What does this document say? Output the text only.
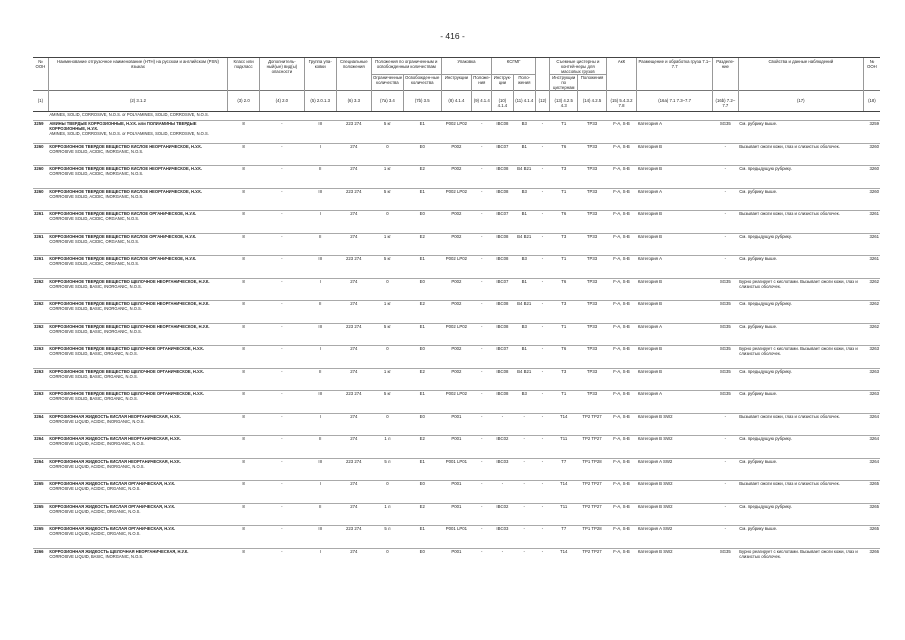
- 416 -
№ ООН	Наименование отгрузочное наименование (НТН) на русском и английском (PSN) языках	Класс или подкласс	Дополнитель-ный(ые) вид(ы) опасности	Группа упа-ковки	Специальные положения	Положения по ограниченным и освобожденным количествам		Упаковка		КСГМГ			Съемные цистерны и контей-неры для массовых грузов		АкК	Размещение и обработка груза 7.1–7.7	Разделе-ние	Свойства и данные наблюдений	№ ООН
						Ограниченные количества	Освобожден-ные количества	Инструкции	Положе-ния	Инструк-ции	Поло-жения		Инструкции по цистернам	Положения					
(1)	(2) 3.1.2	(3) 2.0	(4) 2.0	(5) 2.0.1.3	(6) 3.3	(7a) 3.4	(7b) 3.5	(8) 4.1.4	(9) 4.1.4	(10) 4.1.4	(11) 4.1.4	(12)	(13) 4.2.5 4.3	(14) 4.2.5	(15) 5.4.3.2 7.8	(16a) 7.1 7.3–7.7	(16b) 7.2–7.7	(17)	(18)
	AMINES, SOLID, CORROSIVE, N.O.S. or POLYAMINES, SOLID, CORROSIVE, N.O.S.																		
3259	АМИНЫ ТВЕРДЫЕ КОРРОЗИОННЫЕ, Н.У.К. или ПОЛИАМИНЫ ТВЕРДЫЕ КОРРОЗИОННЫЕ, Н.У.К.
AMINES, SOLID, CORROSIVE, N.O.S. or POLYAMINES, SOLID, CORROSIVE, N.O.S.	8	-	III	223 274	5 кг	E1	P002 LP02	-	IBC08	B3	-	T1	TP33	F-A, S-B	Категория A	SG35	См. рубрику выше.	3259
3260	КОРРОЗИОННОЕ ТВЕРДОЕ ВЕЩЕСТВО КИСЛОЕ НЕОРГАНИЧЕСКОЕ, Н.У.К.
CORROSIVE SOLID, ACIDIC, INORGANIC, N.O.S.	8	-	I	274	0	E0	P002	-	IBC07	B1	-	T6	TP33	F-A, S-B	Категория B	-	Вызывает ожоги кожи, глаз и слизистых оболочек.	3260
3260	КОРРОЗИОННОЕ ТВЕРДОЕ ВЕЩЕСТВО КИСЛОЕ НЕОРГАНИЧЕСКОЕ, Н.У.К.
CORROSIVE SOLID, ACIDIC, INORGANIC, N.O.S.	8	-	II	274	1 кг	E2	P002	-	IBC08	B4 B21	-	T3	TP33	F-A, S-B	Категория B	-	См. предыдущую рубрику.	3260
3260	КОРРОЗИОННОЕ ТВЕРДОЕ ВЕЩЕСТВО КИСЛОЕ НЕОРГАНИЧЕСКОЕ, Н.У.К.
CORROSIVE SOLID, ACIDIC, INORGANIC, N.O.S.	8	-	III	223 274	5 кг	E1	P002 LP02	-	IBC08	B3	-	T1	TP33	F-A, S-B	Категория A	-	См. рубрику выше.	3260
3261	КОРРОЗИОННОЕ ТВЕРДОЕ ВЕЩЕСТВО КИСЛОЕ ОРГАНИЧЕСКОЕ, Н.У.К.
CORROSIVE SOLID, ACIDIC, ORGANIC, N.O.S.	8	-	I	274	0	E0	P002	-	IBC07	B1	-	T6	TP33	F-A, S-B	Категория B	-	Вызывает ожоги кожи, глаз и слизистых оболочек.	3261
3261	КОРРОЗИОННОЕ ТВЕРДОЕ ВЕЩЕСТВО КИСЛОЕ ОРГАНИЧЕСКОЕ, Н.У.К.
CORROSIVE SOLID, ACIDIC, ORGANIC, N.O.S.	8	-	II	274	1 кг	E2	P002	-	IBC08	B4 B21	-	T3	TP33	F-A, S-B	Категория B	-	См. предыдущую рубрику.	3261
3261	КОРРОЗИОННОЕ ТВЕРДОЕ ВЕЩЕСТВО КИСЛОЕ ОРГАНИЧЕСКОЕ, Н.У.К.
CORROSIVE SOLID, ACIDIC, ORGANIC, N.O.S.	8	-	III	223 274	5 кг	E1	P002 LP02	-	IBC08	B3	-	T1	TP33	F-A, S-B	Категория A	-	См. рубрику выше.	3261
3262	КОРРОЗИОННОЕ ТВЕРДОЕ ВЕЩЕСТВО ЩЕЛОЧНОЕ НЕОРГАНИЧЕСКОЕ, Н.У.К.
CORROSIVE SOLID, BASIC, INORGANIC, N.O.S.	8	-	I	274	0	E0	P002	-	IBC07	B1	-	T6	TP33	F-A, S-B	Категория B	SG35	Бурно реагирует с кислотами. Вызывает ожоги кожи, глаз и слизистых оболочек.	3262
3262	КОРРОЗИОННОЕ ТВЕРДОЕ ВЕЩЕСТВО ЩЕЛОЧНОЕ НЕОРГАНИЧЕСКОЕ, Н.У.К.
CORROSIVE SOLID, BASIC, INORGANIC, N.O.S.	8	-	II	274	1 кг	E2	P002	-	IBC08	B4 B21	-	T3	TP33	F-A, S-B	Категория B	SG35	См. предыдущую рубрику.	3262
3262	КОРРОЗИОННОЕ ТВЕРДОЕ ВЕЩЕСТВО ЩЕЛОЧНОЕ НЕОРГАНИЧЕСКОЕ, Н.У.К.
CORROSIVE SOLID, BASIC, INORGANIC, N.O.S.	8	-	III	223 274	5 кг	E1	P002 LP02	-	IBC08	B3	-	T1	TP33	F-A, S-B	Категория A	SG35	См. рубрику выше.	3262
3263	КОРРОЗИОННОЕ ТВЕРДОЕ ВЕЩЕСТВО ЩЕЛОЧНОЕ ОРГАНИЧЕСКОЕ, Н.У.К.
CORROSIVE SOLID, BASIC, ORGANIC, N.O.S.	8	-	I	274	0	E0	P002	-	IBC07	B1	-	T6	TP33	F-A, S-B	Категория B	SG35	Бурно реагирует с кислотами. Вызывает ожоги кожи, глаз и слизистых оболочек.	3263
3263	КОРРОЗИОННОЕ ТВЕРДОЕ ВЕЩЕСТВО ЩЕЛОЧНОЕ ОРГАНИЧЕСКОЕ, Н.У.К.
CORROSIVE SOLID, BASIC, ORGANIC, N.O.S.	8	-	II	274	1 кг	E2	P002	-	IBC08	B4 B21	-	T3	TP33	F-A, S-B	Категория B	SG35	См. предыдущую рубрику.	3263
3263	КОРРОЗИОННОЕ ТВЕРДОЕ ВЕЩЕСТВО ЩЕЛОЧНОЕ ОРГАНИЧЕСКОЕ, Н.У.К.
CORROSIVE SOLID, BASIC, ORGANIC, N.O.S.	8	-	III	223 274	5 кг	E1	P002 LP02	-	IBC08	B3	-	T1	TP33	F-A, S-B	Категория A	SG35	См. рубрику выше.	3263
3264	КОРРОЗИОННАЯ ЖИДКОСТЬ КИСЛАЯ НЕОРГАНИЧЕСКАЯ, Н.У.К.
CORROSIVE LIQUID, ACIDIC, INORGANIC, N.O.S.	8	-	I	274	0	E0	P001	-	-	-	-	T14	TP2 TP27	F-A, S-B	Категория B SW2	-	Вызывает ожоги кожи, глаз и слизистых оболочек.	3264
3264	КОРРОЗИОННАЯ ЖИДКОСТЬ КИСЛАЯ НЕОРГАНИЧЕСКАЯ, Н.У.К.
CORROSIVE LIQUID, ACIDIC, INORGANIC, N.O.S.	8	-	II	274	1 л	E2	P001	-	IBC02	-	-	T11	TP2 TP27	F-A, S-B	Категория B SW2	-	См. предыдущую рубрику.	3264
3264	КОРРОЗИОННАЯ ЖИДКОСТЬ КИСЛАЯ НЕОРГАНИЧЕСКАЯ, Н.У.К.
CORROSIVE LIQUID, ACIDIC, INORGANIC, N.O.S.	8	-	III	223 274	5 л	E1	P001 LP01	-	IBC03	-	-	T7	TP1 TP28	F-A, S-B	Категория A SW2	-	См. рубрику выше.	3264
3265	КОРРОЗИОННАЯ ЖИДКОСТЬ КИСЛАЯ ОРГАНИЧЕСКАЯ, Н.У.К.
CORROSIVE LIQUID, ACIDIC, ORGANIC, N.O.S.	8	-	I	274	0	E0	P001	-	-	-	-	T14	TP2 TP27	F-A, S-B	Категория B SW2	-	Вызывает ожоги кожи, глаз и слизистых оболочек.	3265
3265	КОРРОЗИОННАЯ ЖИДКОСТЬ КИСЛАЯ ОРГАНИЧЕСКАЯ, Н.У.К.
CORROSIVE LIQUID, ACIDIC, ORGANIC, N.O.S.	8	-	II	274	1 л	E2	P001	-	IBC02	-	-	T11	TP2 TP27	F-A, S-B	Категория B SW2	-	См. предыдущую рубрику.	3265
3265	КОРРОЗИОННАЯ ЖИДКОСТЬ КИСЛАЯ ОРГАНИЧЕСКАЯ, Н.У.К.
CORROSIVE LIQUID, ACIDIC, ORGANIC, N.O.S.	8	-	III	223 274	5 л	E1	P001 LP01	-	IBC03	-	-	T7	TP1 TP28	F-A, S-B	Категория A SW2	-	См. рубрику выше.	3265
3266	КОРРОЗИОННАЯ ЖИДКОСТЬ ЩЕЛОЧНАЯ НЕОРГАНИЧЕСКАЯ, Н.У.К.
CORROSIVE LIQUID, BASIC, INORGANIC, N.O.S.	8	-	I	274	0	E0	P001	-	-	-	-	T14	TP2 TP27	F-A, S-B	Категория B SW2	SG35	Бурно реагирует с кислотами. Вызывает ожоги кожи, глаз и слизистых оболочек.	3266
